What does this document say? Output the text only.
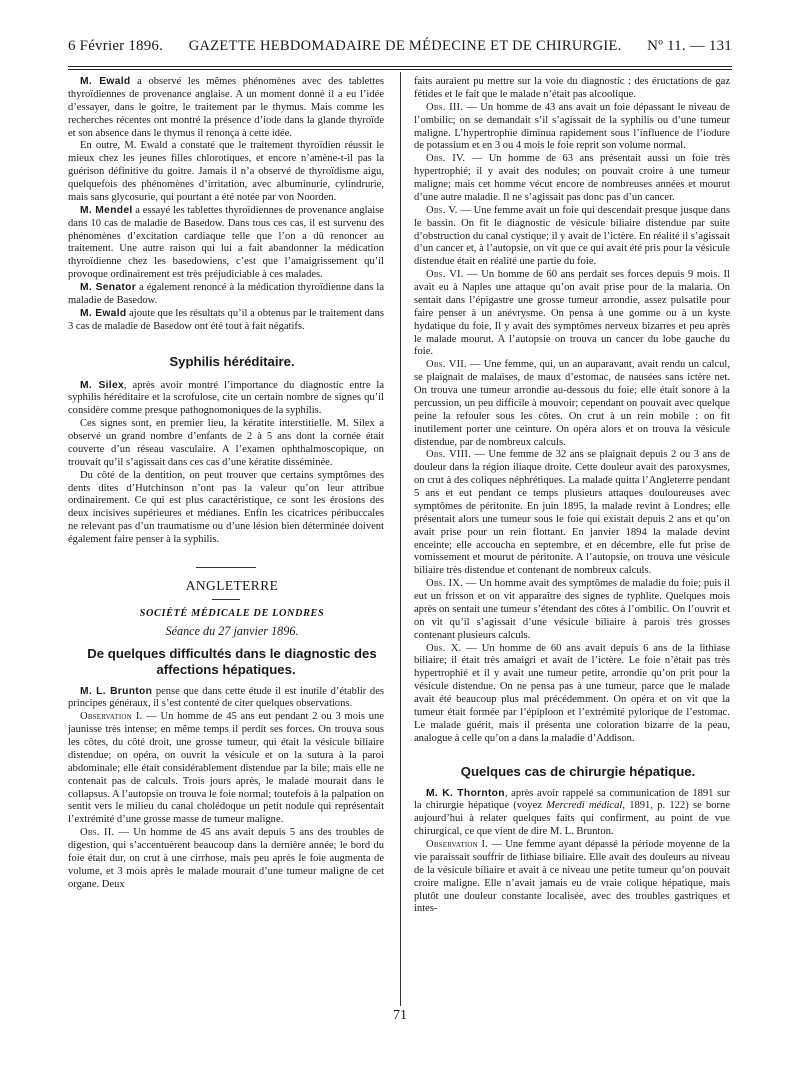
6 Février 1896. GAZETTE HEBDOMADAIRE DE MÉDECINE ET DE CHIRURGIE. Nº 11. — 131

M. Ewald a observé les mêmes phénomènes avec des tablettes thyroïdiennes de provenance anglaise. A un moment donné il a eu l’idée d’essayer, dans le goitre, le traitement par le thymus. Mais comme les recherches récentes ont montré la présence d’iode dans la glande thyroïde et son absence dans le thymus il renonça à cette idée.

En outre, M. Ewald a constaté que le traitement thyroïdien réussit le mieux chez les jeunes filles chlorotiques, et encore n’amène-t-il pas la guérison définitive du goitre. Jamais il n’a observé de thyroïdisme aigu, quelquefois des phénomènes d’irritation, avec albuminurie, cylindrurie, mais sans glycosurie, qui pourtant a été notée par von Noorden.

M. Mendel a essayé les tablettes thyroïdiennes de provenance anglaise dans 10 cas de maladie de Basedow. Dans tous ces cas, il est survenu des phénomènes d’excitation cardiaque telle que l’on a dû renoncer au traitement. Une autre raison qui lui a fait abandonner la médication thyroïdienne chez les basedowiens, c’est que l’amaigrissement qu’il provoque ordinairement est très préjudiciable à ces malades.

M. Senator a également renoncé à la médication thyroïdienne dans la maladie de Basedow.

M. Ewald ajoute que les résultats qu’il a obtenus par le traitement dans 3 cas de maladie de Basedow ont été tout à fait négatifs.

Syphilis héréditaire.

M. Silex, après avoir montré l’importance du diagnostic entre la syphilis héréditaire et la scrofulose, cite un certain nombre de signes qu’il considère comme presque pathognomoniques de la syphilis.

Ces signes sont, en premier lieu, la kératite interstitielle. M. Silex a observé un grand nombre d’enfants de 2 à 5 ans dont la cornée était couverte d’un réseau vasculaire. A l’examen ophthalmoscopique, on trouvait qu’il s’agissait dans ces cas d’une kératite disséminée.

Du côté de la dentition, on peut trouver que certains symptômes des dents dites d’Hutchinson n’ont pas la valeur qu’on leur attribue ordinairement. Ce qui est plus caractéristique, ce sont les érosions des deux incisives supérieures et médianes. Enfin les cicatrices péribuccales ne relevant pas d’un traumatisme ou d’une lésion bien déterminée doivent également faire penser à la syphilis.

ANGLETERRE

SOCIÉTÉ MÉDICALE DE LONDRES

Séance du 27 janvier 1896.

De quelques difficultés dans le diagnostic des affections hépatiques.

M. L. Brunton pense que dans cette étude il est inutile d’établir des principes généraux, il s’est contenté de citer quelques observations.

Observation I. — Un homme de 45 ans eut pendant 2 ou 3 mois une jaunisse très intense; en même temps il perdit ses forces. On trouva sous les côtes, du côté droit, une grosse tumeur, qui était la vésicule biliaire distendue; on opéra, on ouvrit la vésicule et on la sutura à la paroi abdominale; elle était considérablement distendue par la bile; mais elle ne contenait pas de calculs. Trois jours après, le malade mourait dans le collapsus. A l’autopsie on trouva le foie normal; toutefois à la palpation on sentit vers le milieu du canal cholédoque un petit nodule qui représentait l’extrémité d’une grosse masse de tumeur maligne.

Obs. II. — Un homme de 45 ans avait depuis 5 ans des troubles de digestion, qui s’accentuèrent beaucoup dans la dernière année; le bord du foie était dur, on crut à une cirrhose, mais peu après le foie augmenta de volume, et 3 mois après le malade mourait d’une tumeur maligne de cet organe. Deux

faits auraient pu mettre sur la voie du diagnostic : des éructations de gaz fétides et le fait que le malade n’était pas alcoolique.

Obs. III. — Un homme de 43 ans avait un foie dépassant le niveau de l’ombilic; on se demandait s’il s’agissait de la syphilis ou d’une tumeur maligne. L’hypertrophie diminua rapidement sous l’influence de l’iodure de potassium et en 3 ou 4 mois le foie reprit son volume normal.

Obs. IV. — Un homme de 63 ans présentait aussi un foie très hypertrophié; il y avait des nodules; on pouvait croire à une tumeur maligne; mais cet homme vécut encore de nombreuses années et mourut d’une autre maladie. Il ne s’agissait pas donc pas d’un cancer.

Obs. V. — Une femme avait un foie qui descendait presque jusque dans le bassin. On fit le diagnostic de vésicule biliaire distendue par suite d’obstruction du canal cystique; il y avait de l’ictère. En réalité il s’agissait d’un cancer et, à l’autopsie, on vit que ce qui avait été pris pour la vésicule distendue était en réalité une partie du foie.

Obs. VI. — Un homme de 60 ans perdait ses forces depuis 9 mois. Il avait eu à Naples une attaque qu’on avait prise pour de la malaria. On sentait dans l’épigastre une grosse tumeur arrondie, assez pulsatile pour faire penser à un anévrysme. On pensa à une gomme ou à un kyste hydatique du foie, Il y avait des symptômes nerveux bizarres et peu après le malade mourut. A l’autopsie on trouva un cancer du lobe gauche du foie.

Obs. VII. — Une femme, qui, un an auparavant, avait rendu un calcul, se plaignait de malaises, de maux d’estomac, de nausées sans ictère net. On trouva une tumeur arrondie au-dessous du foie; elle était sonore à la percussion, un peu difficile à mouvoir; cependant on pouvait avec quelque peine la refouler sous les côtes. On crut à un rein mobile : on fit inutilement porter une ceinture. On opéra alors et on trouva la vésicule distendue, par de nombreux calculs.

Obs. VIII. — Une femme de 32 ans se plaignait depuis 2 ou 3 ans de douleur dans la région iliaque droite. Cette douleur avait des paroxysmes, on crut à des coliques néphrétiques. La malade quitta l’Angleterre pendant 5 ans et eut pendant ce temps plusieurs attaques douloureuses avec symptômes de péritonite. En juin 1895, la malade revint à Londres; elle présentait alors une tumeur sous le foie qui existait depuis 2 ans et qu’on avait prise pour un rein flottant. En janvier 1894 la malade devint enceinte; elle accoucha en septembre, et en décembre, elle fut prise de vomissement et mourut de péritonite. A l’autopsie, on trouva une vésicule biliaire très distendue et contenant de nombreux calculs.

Obs. IX. — Un homme avait des symptômes de maladie du foie; puis il eut un frisson et on vit apparaître des signes de typhlite. Quelques mois après on sentait une tumeur s’étendant des côtes à l’ombilic. On l’ouvrit et on vit qu’il s’agissait d’une vésicule biliaire à parois très grosses contenant plusieurs calculs.

Obs. X. — Un homme de 60 ans avait depuis 6 ans de la lithiase biliaire; il était très amaigri et avait de l’ictère. Le foie n’était pas très hypertrophié et il y avait une tumeur petite, arrondie qu’on prit pour la vésicule distendue. On ne pensa pas à une tumeur, parce que le malade avait été beaucoup plus mal précédemment. On opéra et on vit que la tumeur était formée par l’épiploon et l’extrémité pylorique de l’estomac. Le malade guérit, mais il présenta une coloration bizarre de la peau, analogue à celle qu’on a dans la maladie d’Addison.

Quelques cas de chirurgie hépatique.

M. K. Thornton, après avoir rappelé sa communication de 1891 sur la chirurgie hépatique (voyez Mercredi médical, 1891, p. 122) se borne aujourd’hui à relater quelques faits qui confirment, au point de vue chirurgical, ce que vient de dire M. L. Brunton.

Observation I. — Une femme ayant dépassé la période moyenne de la vie paraissait souffrir de lithiase biliaire. Elle avait des douleurs au niveau de la vésicule biliaire et avait à ce niveau une petite tumeur qu’on pouvait croire maligne. Elle n’avait jamais eu de vraie colique hépatique, mais plutôt une douleur constante localisée, avec des troubles gastriques et intes-

71
